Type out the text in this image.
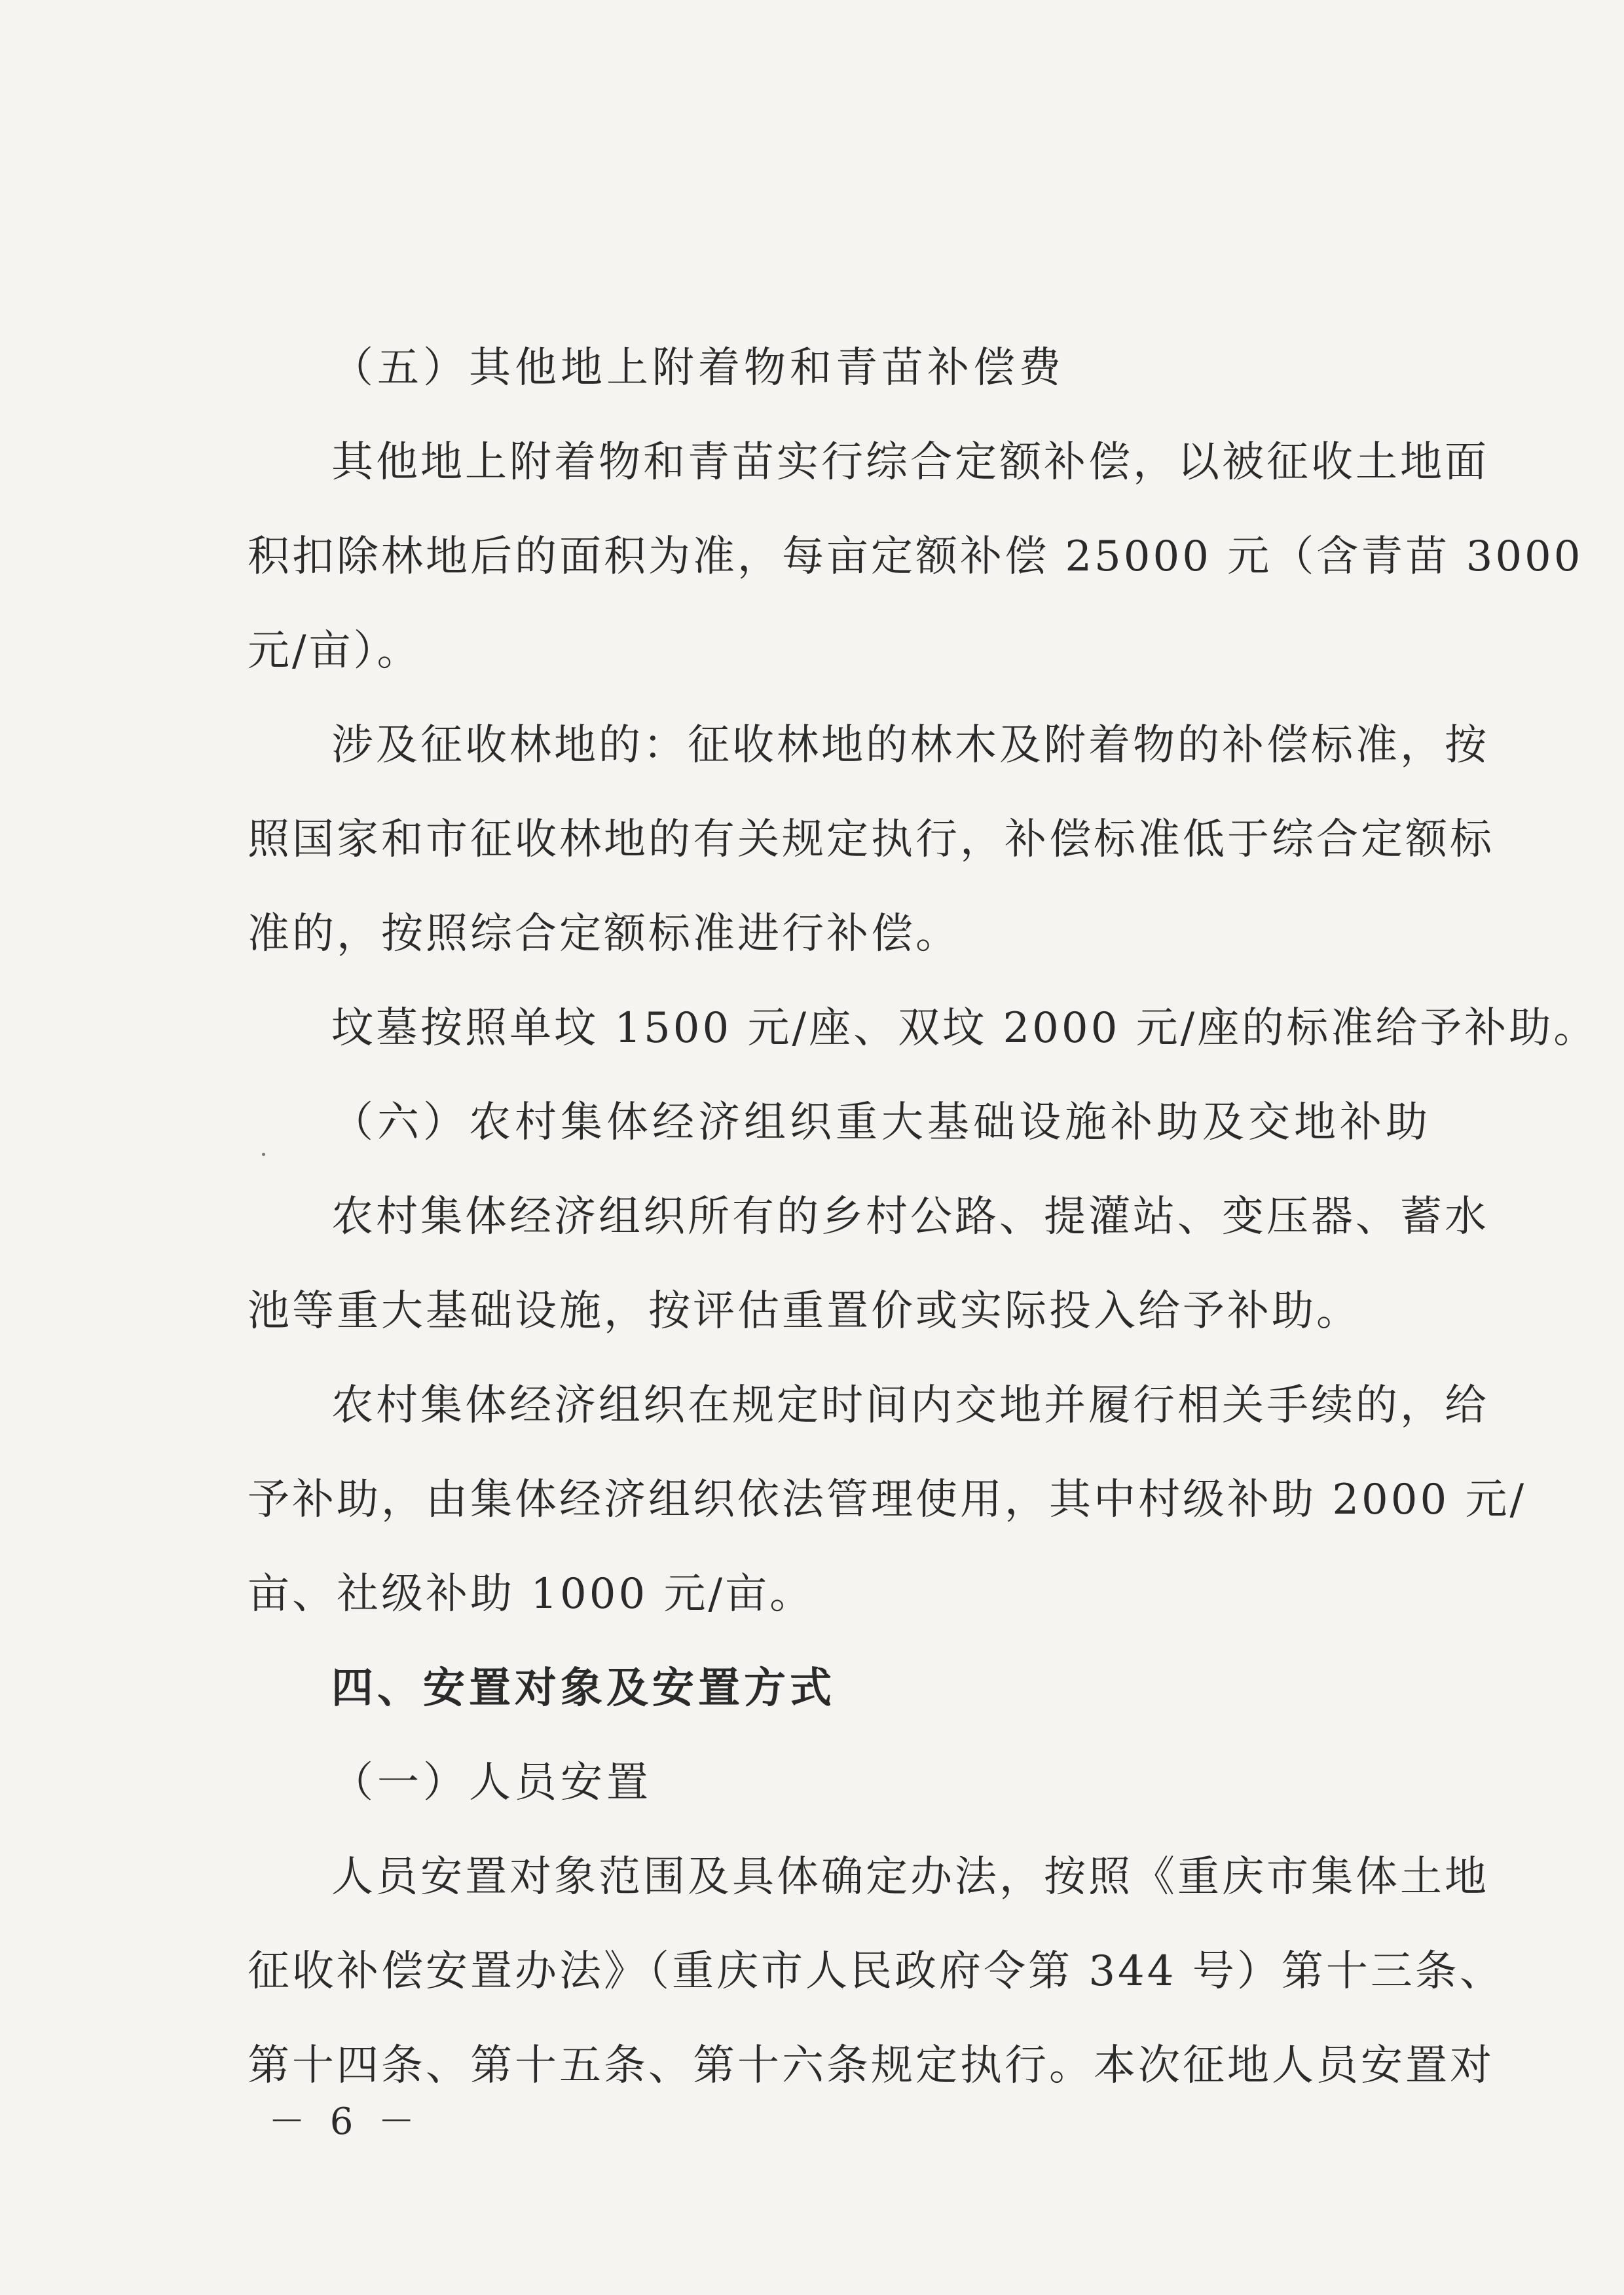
（五）其他地上附着物和青苗补偿费
其他地上附着物和青苗实行综合定额补偿，以被征收土地面
积扣除林地后的面积为准，每亩定额补偿 25000 元（含青苗 3000
元/亩）。
涉及征收林地的：征收林地的林木及附着物的补偿标准，按
照国家和市征收林地的有关规定执行，补偿标准低于综合定额标
准的，按照综合定额标准进行补偿。
坟墓按照单坟 1500 元/座、双坟 2000 元/座的标准给予补助。
（六）农村集体经济组织重大基础设施补助及交地补助
农村集体经济组织所有的乡村公路、提灌站、变压器、蓄水
池等重大基础设施，按评估重置价或实际投入给予补助。
农村集体经济组织在规定时间内交地并履行相关手续的，给
予补助，由集体经济组织依法管理使用，其中村级补助 2000 元/
亩、社级补助 1000 元/亩。
四、安置对象及安置方式
（一）人员安置
人员安置对象范围及具体确定办法，按照《重庆市集体土地
征收补偿安置办法》（重庆市人民政府令第 344 号）第十三条、
第十四条、第十五条、第十六条规定执行。本次征地人员安置对
－ 6 －
